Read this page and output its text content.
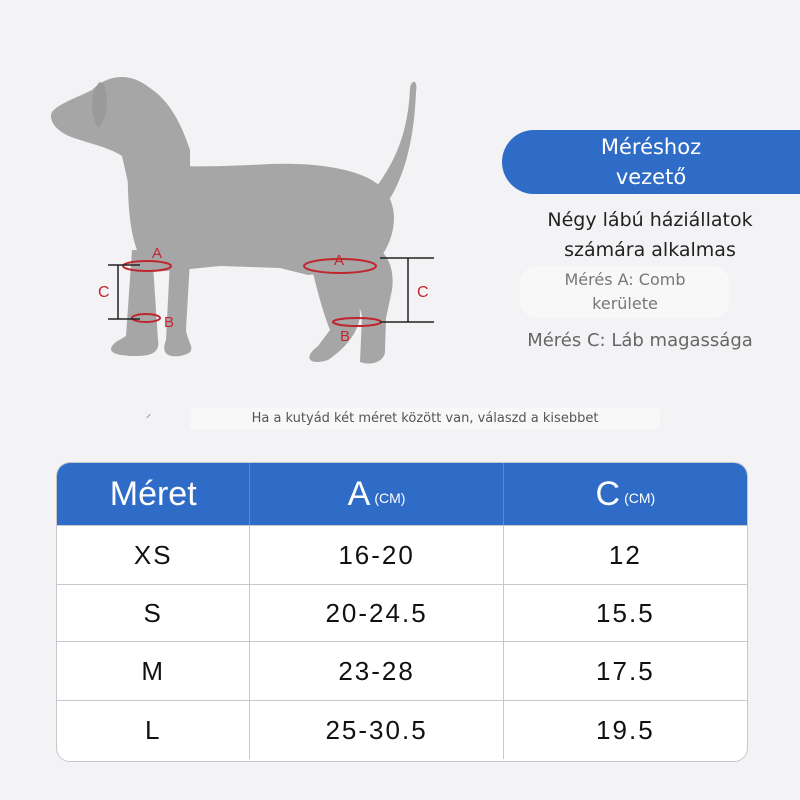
A
B
C
A
B
C
Méréshoz
vezető
Négy lábú háziállatok
számára alkalmas
Mérés A: Comb
kerülete
Mérés C: Láb magassága
⸝	Ha a kutyád két méret között van, válaszd a kisebbet
Méret	A (CM)	C (CM)
XS	16-20	12
S	20-24.5	15.5
M	23-28	17.5
L	25-30.5	19.5
